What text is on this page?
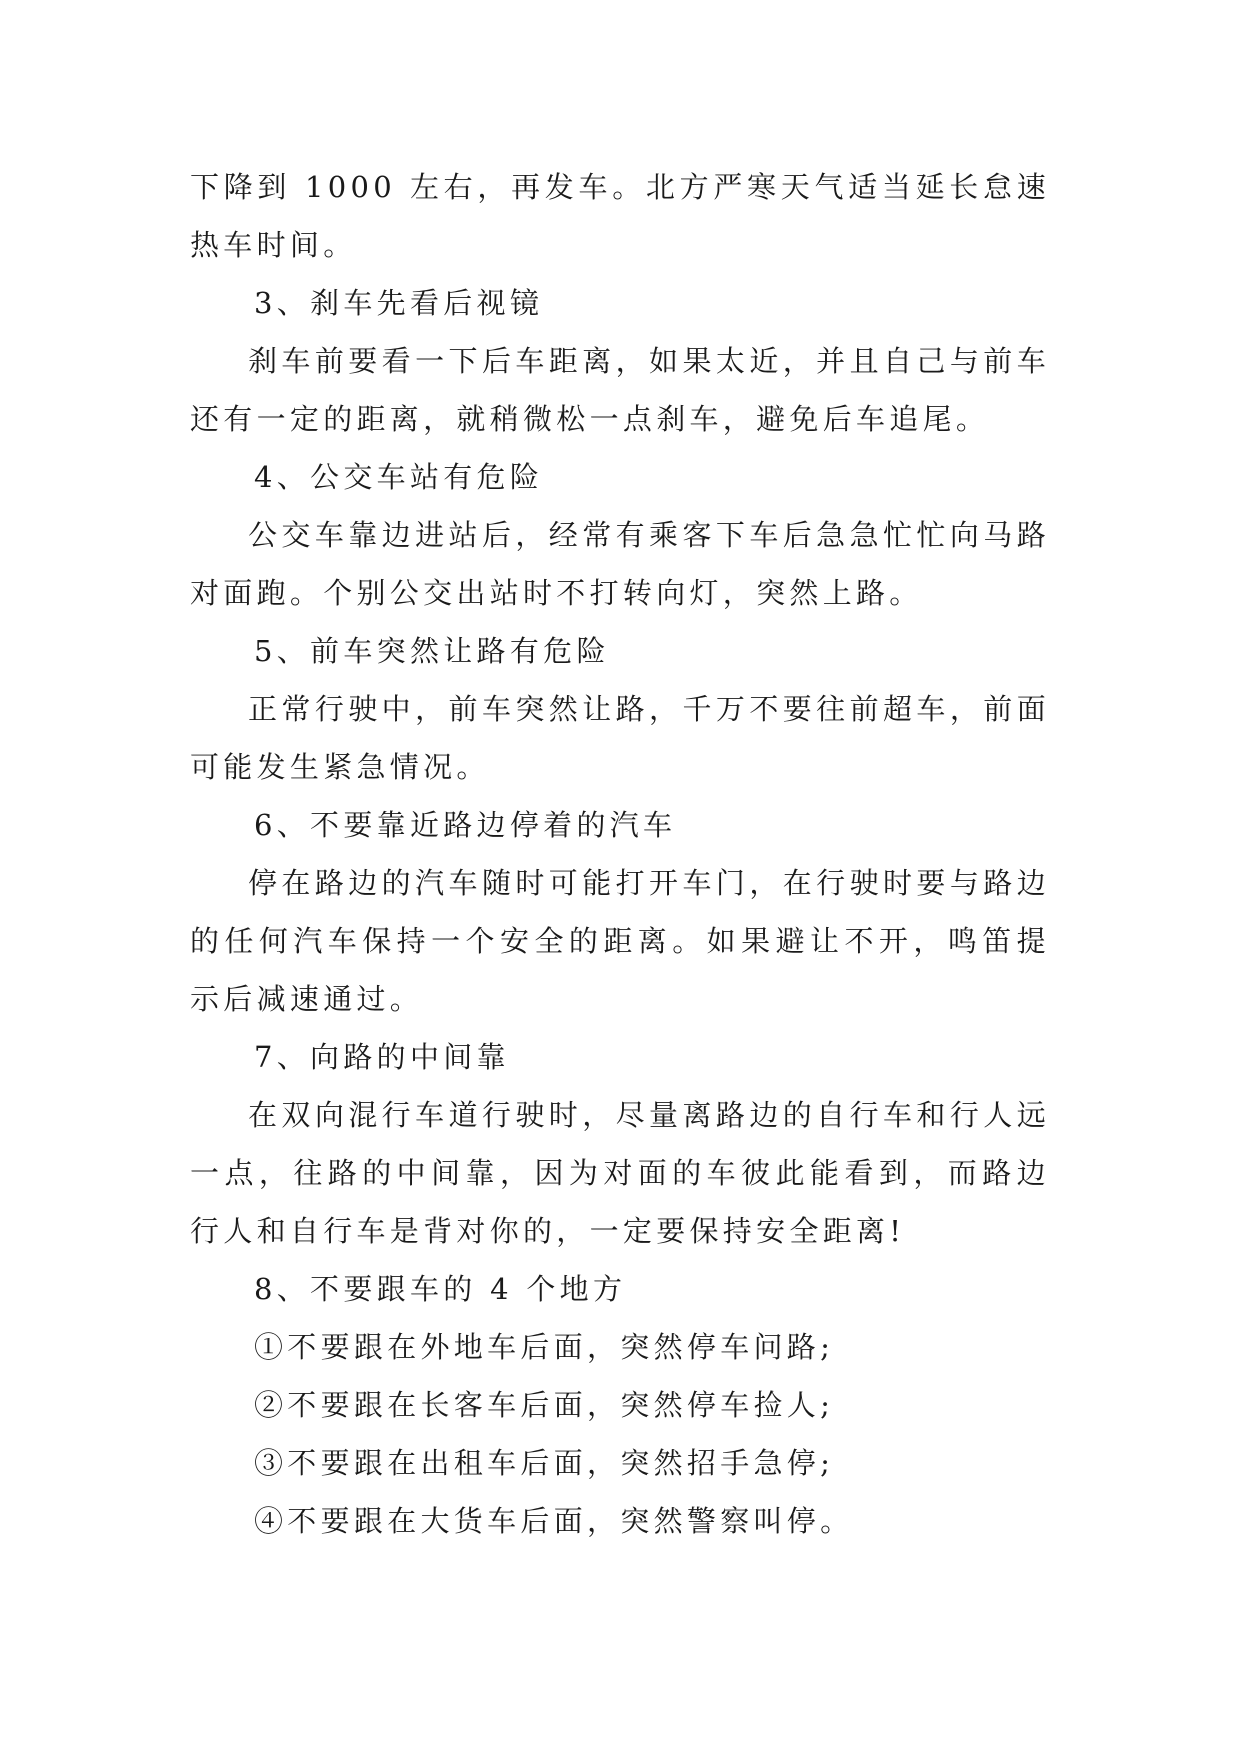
下降到 1000 左右，再发车。北方严寒天气适当延长怠速热车时间。

3、刹车先看后视镜

刹车前要看一下后车距离，如果太近，并且自己与前车还有一定的距离，就稍微松一点刹车，避免后车追尾。

4、公交车站有危险

公交车靠边进站后，经常有乘客下车后急急忙忙向马路对面跑。个别公交出站时不打转向灯，突然上路。

5、前车突然让路有危险

正常行驶中，前车突然让路，千万不要往前超车，前面可能发生紧急情况。

6、不要靠近路边停着的汽车

停在路边的汽车随时可能打开车门，在行驶时要与路边的任何汽车保持一个安全的距离。如果避让不开，鸣笛提示后减速通过。

7、向路的中间靠

在双向混行车道行驶时，尽量离路边的自行车和行人远一点，往路的中间靠，因为对面的车彼此能看到，而路边行人和自行车是背对你的，一定要保持安全距离!

8、不要跟车的 4 个地方

①不要跟在外地车后面，突然停车问路;

②不要跟在长客车后面，突然停车捡人;

③不要跟在出租车后面，突然招手急停;

④不要跟在大货车后面，突然警察叫停。
